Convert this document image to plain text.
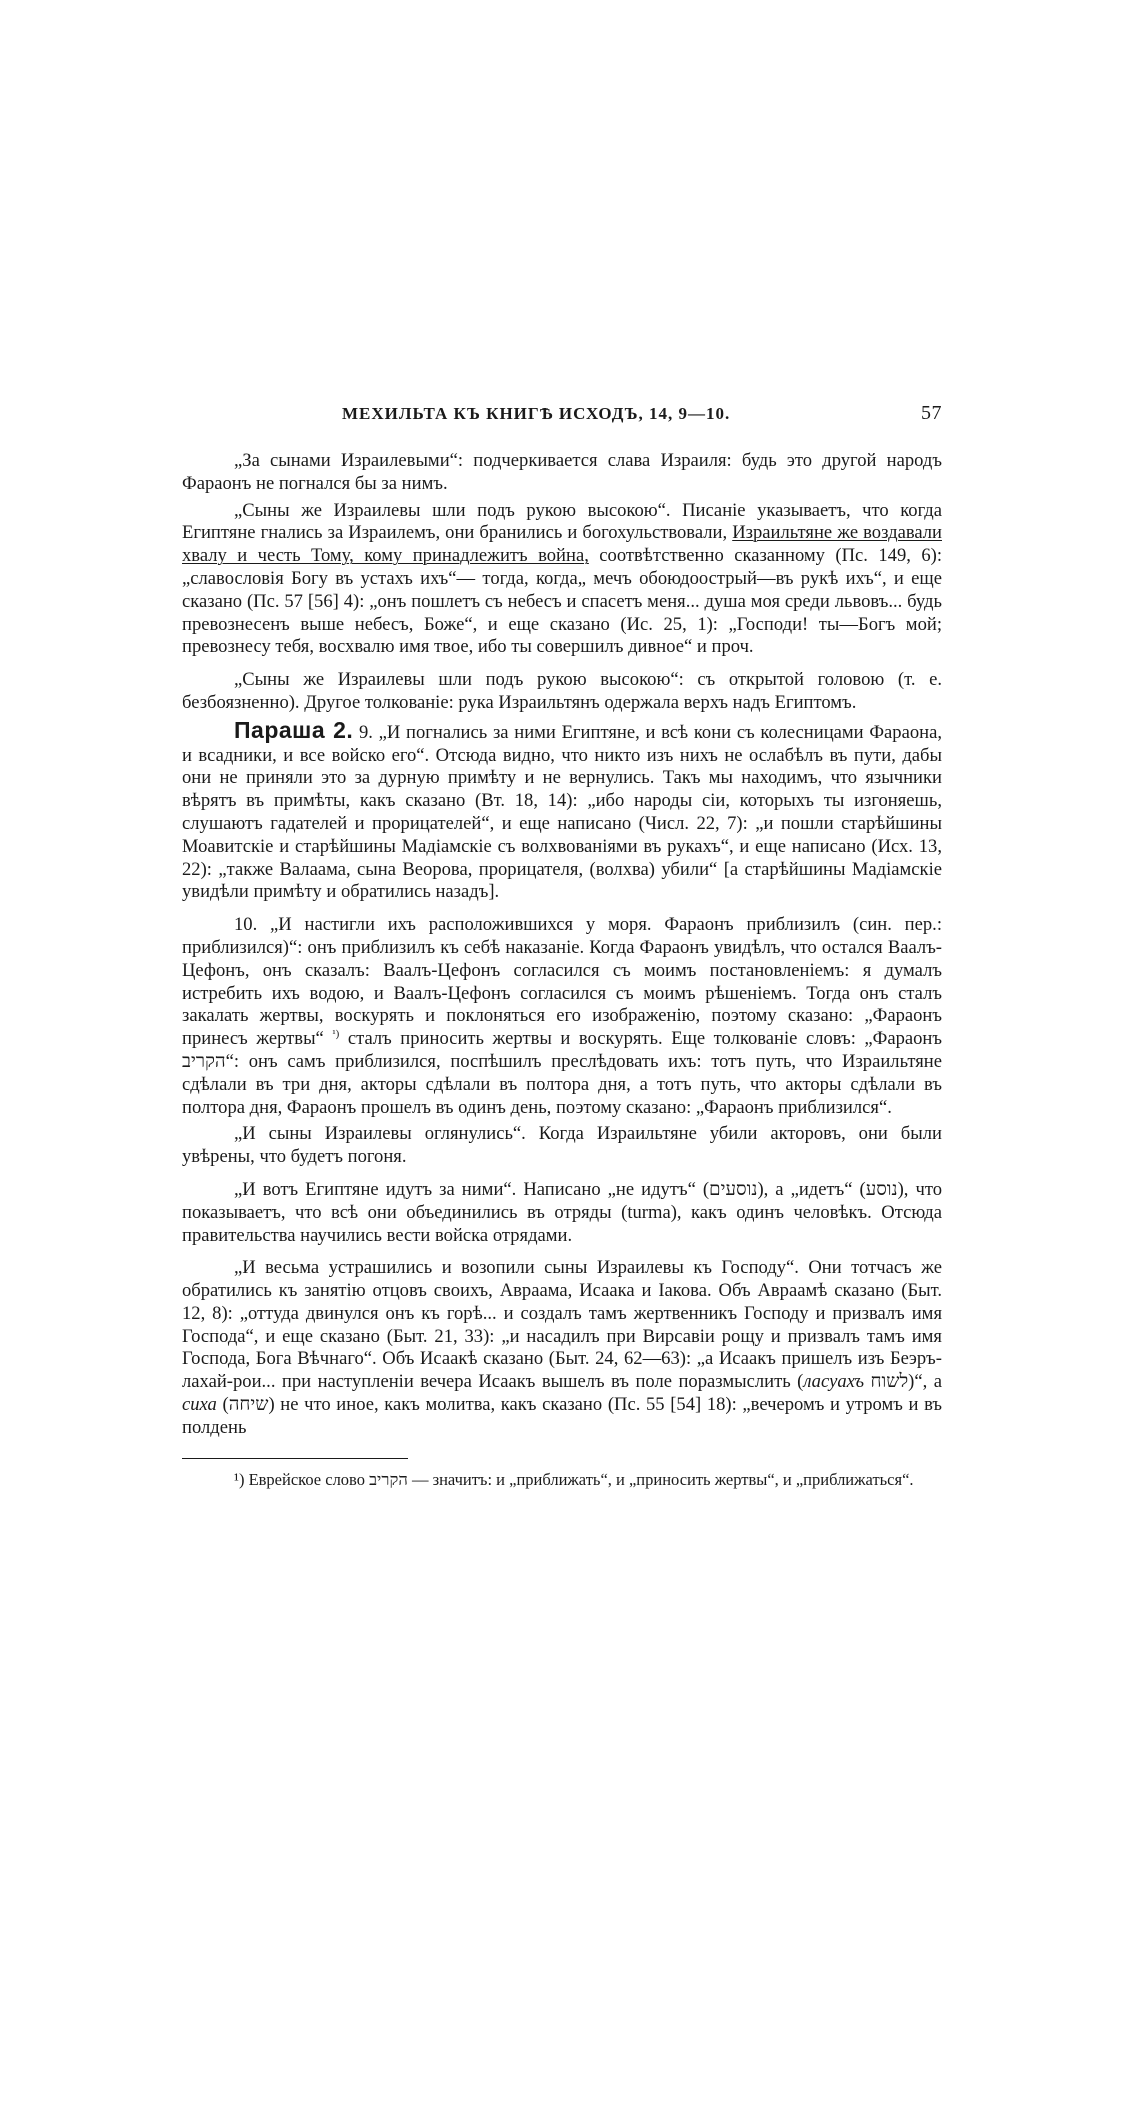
МЕХИЛЬТА КЪ КНИГѢ ИСХОДЪ, 14, 9—10.	57

„За сынами Израилевыми“: подчеркивается слава Израиля: будь это другой народъ Фараонъ не погнался бы за нимъ.

„Сыны же Израилевы шли подъ рукою высокою“. Писаніе указываетъ, что когда Египтяне гнались за Израилемъ, они бранились и богохульствовали, Израильтяне же воздавали хвалу и честь Тому, кому принадлежитъ война, соотвѣтственно сказанному (Пс. 149, 6): „славословія Богу въ устахъ ихъ“— тогда, когда„ мечъ обоюдоострый—въ рукѣ ихъ“, и еще сказано (Пс. 57 [56] 4): „онъ пошлетъ съ небесъ и спасетъ меня... душа моя среди львовъ... будь превознесенъ выше небесъ, Боже“, и еще сказано (Ис. 25, 1): „Господи! ты—Богъ мой; превознесу тебя, восхвалю имя твое, ибо ты совершилъ дивное“ и проч.

„Сыны же Израилевы шли подъ рукою высокою“: съ открытой головою (т. е. безбоязненно). Другое толкованіе: рука Израильтянъ одержала верхъ надъ Египтомъ.

Параша 2. 9. „И погнались за ними Египтяне, и всѣ кони съ колесницами Фараона, и всадники, и все войско его“. Отсюда видно, что никто изъ нихъ не ослабѣлъ въ пути, дабы они не приняли это за дурную примѣту и не вернулись. Такъ мы находимъ, что язычники вѣрятъ въ примѣты, какъ сказано (Вт. 18, 14): „ибо народы сіи, которыхъ ты изгоняешь, слушаютъ гадателей и прорицателей“, и еще написано (Числ. 22, 7): „и пошли старѣйшины Моавитскіе и старѣйшины Мадіамскіе съ волхвованіями въ рукахъ“, и еще написано (Исх. 13, 22): „также Валаама, сына Веорова, прорицателя, (волхва) убили“ [а старѣйшины Мадіамскіе увидѣли примѣту и обратились назадъ].

10. „И настигли ихъ расположившихся у моря. Фараонъ приблизилъ (син. пер.: приблизился)“: онъ приблизилъ къ себѣ наказаніе. Когда Фараонъ увидѣлъ, что остался Ваалъ-Цефонъ, онъ сказалъ: Ваалъ-Цефонъ согласился съ моимъ постановленіемъ: я думалъ истребить ихъ водою, и Ваалъ-Цефонъ согласился съ моимъ рѣшеніемъ. Тогда онъ сталъ закалать жертвы, воскурять и поклоняться его изображенію, поэтому сказано: „Фараонъ принесъ жертвы“ $^{^1)}$ сталъ приносить жертвы и воскурять. Еще толкованіе словъ: „Фараонъ הקריב“: онъ самъ приблизился, поспѣшилъ преслѣдовать ихъ: тотъ путь, что Израильтяне сдѣлали въ три дня, акторы сдѣлали въ полтора дня, а тотъ путь, что акторы сдѣлали въ полтора дня, Фараонъ прошелъ въ одинъ день, поэтому сказано: „Фараонъ приблизился“.

„И сыны Израилевы оглянулись“. Когда Израильтяне убили акторовъ, они были увѣрены, что будетъ погоня.

„И вотъ Египтяне идутъ за ними“. Написано „не идутъ“ (נוסעים), а „идетъ“ (נוסע), что показываетъ, что всѣ они объединились въ отряды (turma), какъ одинъ человѣкъ. Отсюда правительства научились вести войска отрядами.

„И весьма устрашились и возопили сыны Израилевы къ Господу“. Они тотчасъ же обратились къ занятію отцовъ своихъ, Авраама, Исаака и Іакова. Объ Авраамѣ сказано (Быт. 12, 8): „оттуда двинулся онъ къ горѣ... и создалъ тамъ жертвенникъ Господу и призвалъ имя Господа“, и еще сказано (Быт. 21, 33): „и насадилъ при Вирсавіи рощу и призвалъ тамъ имя Господа, Бога Вѣчнаго“. Объ Исаакѣ сказано (Быт. 24, 62—63): „а Исаакъ пришелъ изъ Беэръ-лахай-рои... при наступленіи вечера Исаакъ вышелъ въ поле поразмыслить (ласуахъ לשוח)“, а сиха (שיחה) не что иное, какъ молитва, какъ сказано (Пс. 55 [54] 18): „вечеромъ и утромъ и въ полдень

¹) Еврейское слово הקריב — значитъ: и „приближать“, и „приносить жертвы“, и „приближаться“.
